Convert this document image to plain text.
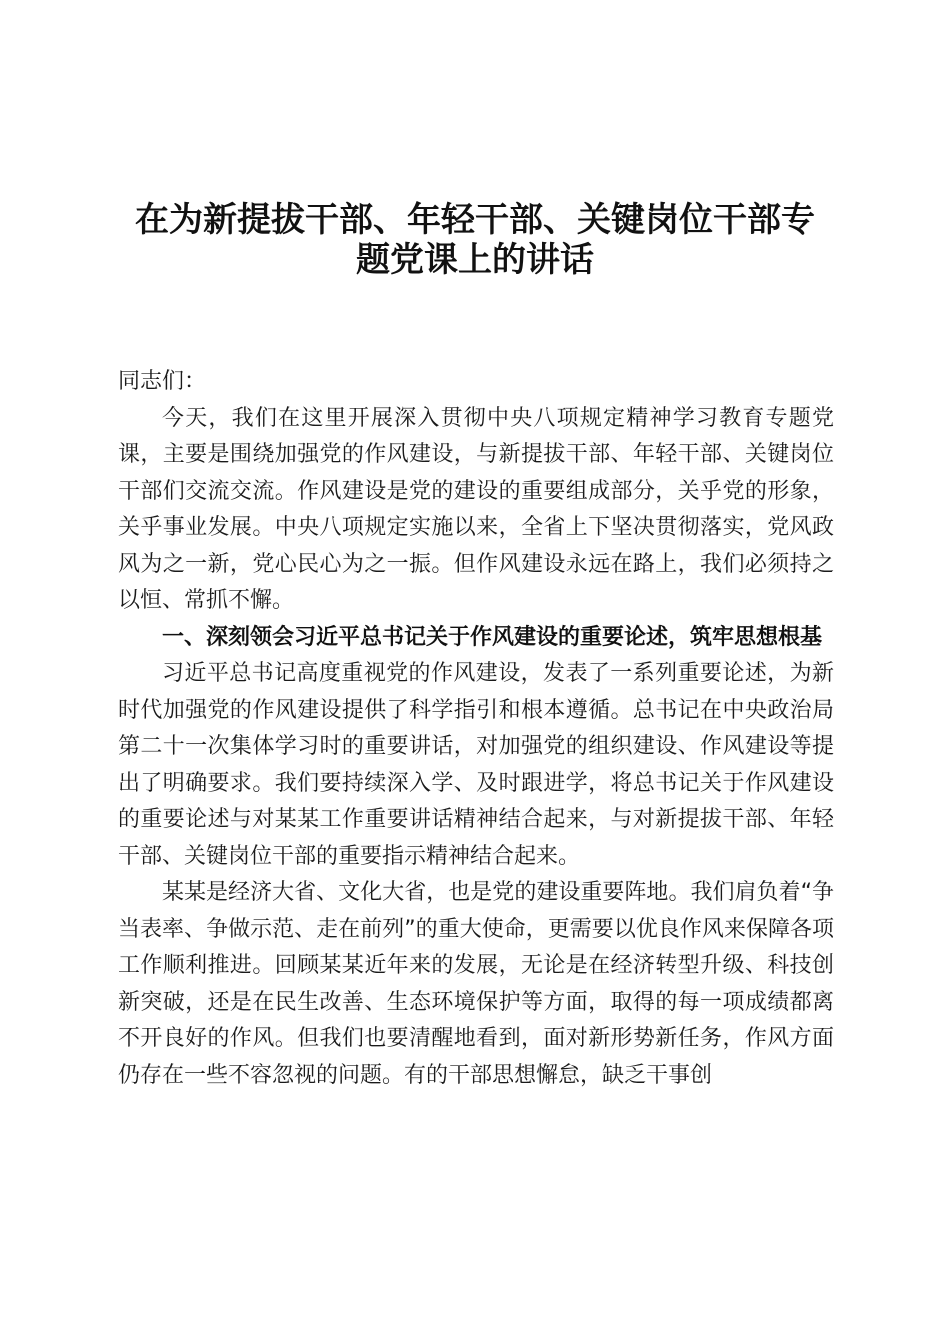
在为新提拔干部、年轻干部、关键岗位干部专
题党课上的讲话

同志们：

今天，我们在这里开展深入贯彻中央八项规定精神学习教育专题党课，主要是围绕加强党的作风建设，与新提拔干部、年轻干部、关键岗位干部们交流交流。作风建设是党的建设的重要组成部分，关乎党的形象，关乎事业发展。中央八项规定实施以来，全省上下坚决贯彻落实，党风政风为之一新，党心民心为之一振。但作风建设永远在路上，我们必须持之以恒、常抓不懈。

一、深刻领会习近平总书记关于作风建设的重要论述，筑牢思想根基

习近平总书记高度重视党的作风建设，发表了一系列重要论述，为新时代加强党的作风建设提供了科学指引和根本遵循。总书记在中央政治局第二十一次集体学习时的重要讲话，对加强党的组织建设、作风建设等提出了明确要求。我们要持续深入学、及时跟进学，将总书记关于作风建设的重要论述与对某某工作重要讲话精神结合起来，与对新提拔干部、年轻干部、关键岗位干部的重要指示精神结合起来。

某某是经济大省、文化大省，也是党的建设重要阵地。我们肩负着“争当表率、争做示范、走在前列”的重大使命，更需要以优良作风来保障各项工作顺利推进。回顾某某近年来的发展，无论是在经济转型升级、科技创新突破，还是在民生改善、生态环境保护等方面，取得的每一项成绩都离不开良好的作风。但我们也要清醒地看到，面对新形势新任务，作风方面仍存在一些不容忽视的问题。有的干部思想懈怠，缺乏干事创
